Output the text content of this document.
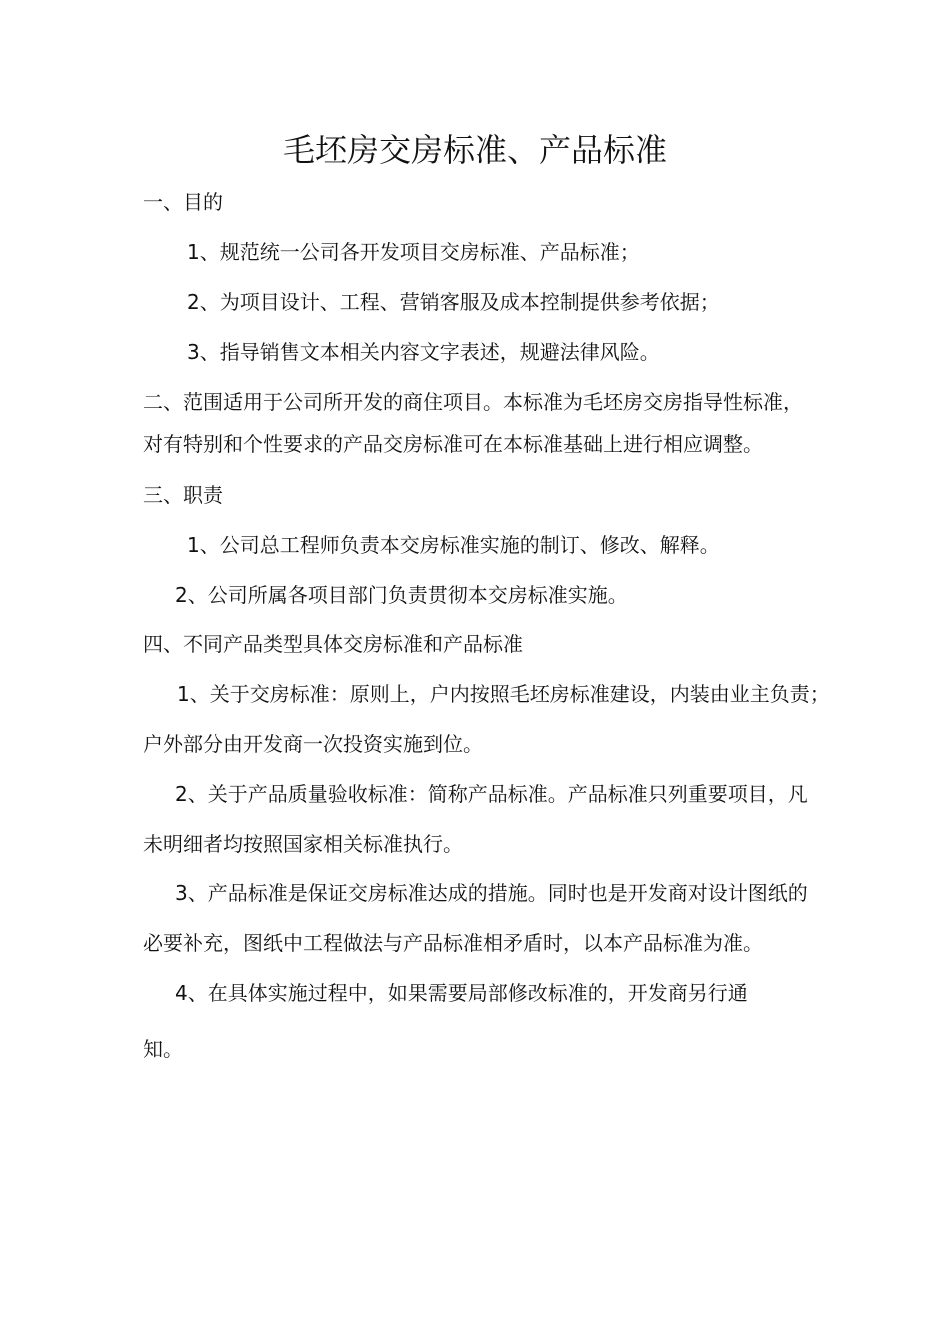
毛坯房交房标准、产品标准
一、目的
1、规范统一公司各开发项目交房标准、产品标准；
2、为项目设计、工程、营销客服及成本控制提供参考依据；
3、指导销售文本相关内容文字表述，规避法律风险。
二、范围适用于公司所开发的商住项目。本标准为毛坯房交房指导性标准，
对有特别和个性要求的产品交房标准可在本标准基础上进行相应调整。
三、职责
1、公司总工程师负责本交房标准实施的制订、修改、解释。
2、公司所属各项目部门负责贯彻本交房标准实施。
四、不同产品类型具体交房标准和产品标准
1、关于交房标准：原则上，户内按照毛坯房标准建设，内装由业主负责；
户外部分由开发商一次投资实施到位。
2、关于产品质量验收标准：简称产品标准。产品标准只列重要项目，凡
未明细者均按照国家相关标准执行。
3、产品标准是保证交房标准达成的措施。同时也是开发商对设计图纸的
必要补充，图纸中工程做法与产品标准相矛盾时，以本产品标准为准。
4、在具体实施过程中，如果需要局部修改标准的，开发商另行通
知。
